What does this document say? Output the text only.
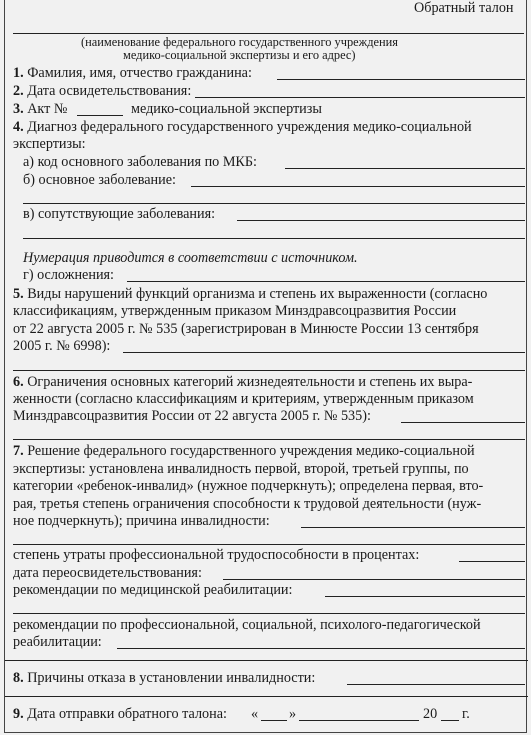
Обратный талон
(наименование федерального государственного учреждения
медико-социальной экспертизы и его адрес)
1. Фамилия, имя, отчество гражданина:
2. Дата освидетельствования:
3. Акт №	медико-социальной экспертизы
4. Диагноз федерального государственного учреждения медико-социальной
экспертизы:
а) код основного заболевания по МКБ:
б) основное заболевание:
в) сопутствующие заболевания:
Нумерация приводится в соответствии с источником.
г) осложнения:
5. Виды нарушений функций организма и степень их выраженности (согласно
классификациям, утвержденным приказом Минздравсоцразвития России
от 22 августа 2005 г. № 535 (зарегистрирован в Минюсте России 13 сентября
2005 г. № 6998):
6. Ограничения основных категорий жизнедеятельности и степень их выра-
женности (согласно классификациям и критериям, утвержденным приказом
Минздравсоцразвития России от 22 августа 2005 г. № 535):
7. Решение федерального государственного учреждения медико-социальной
экспертизы: установлена инвалидность первой, второй, третьей группы, по
категории «ребенок-инвалид» (нужное подчеркнуть); определена первая, вто-
рая, третья степень ограничения способности к трудовой деятельности (нуж-
ное подчеркнуть); причина инвалидности:
степень утраты профессиональной трудоспособности в процентах:
дата переосвидетельствования:
рекомендации по медицинской реабилитации:
рекомендации по профессиональной, социальной, психолого-педагогической
реабилитации:
8. Причины отказа в установлении инвалидности:
9. Дата отправки обратного талона: « »	20 г.
